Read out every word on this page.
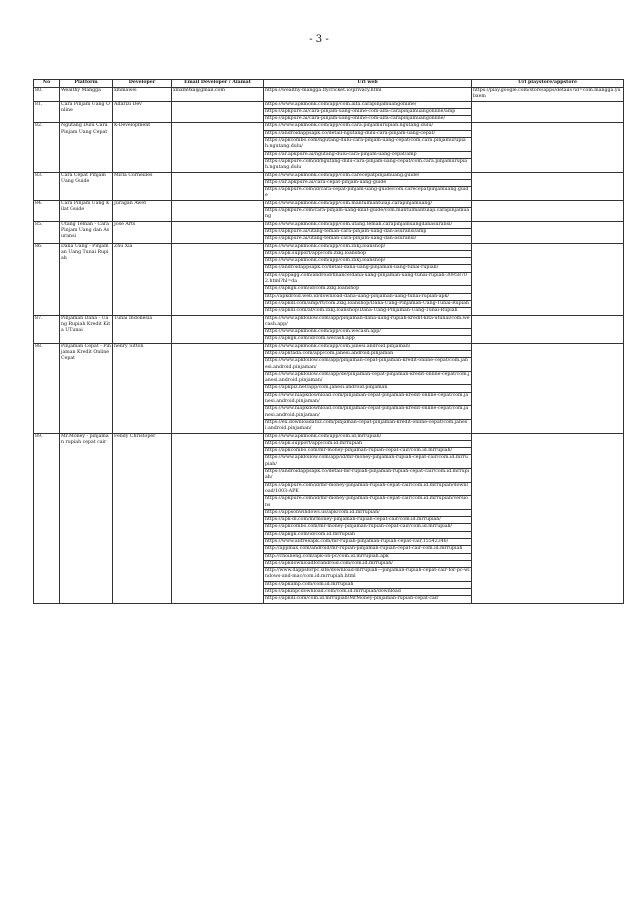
- 3 -
No	Platform	Developer	Email Developer / Alamat	Url web	Url playstore/appstore
80.	Wealthy Mangga	xmmawei	xmxm9xa@gmail.com	https://wealthy-mangga.flycricket.io/privacy.html	https://play.google.com/store/apps/details?id=com.mangga.yubxem
81.	Cara Pinjam Uang Online	Alfarizi Dev		https://www.apkmonk.com/app/com.alfa.carapinjamuangonline/	
				https://apkpure.ai/cara-pinjam-uang-online-com-alfa-carapinjamuangonline/amp	
				https://apkpure.ai/cara-pinjam-uang-online-com-alfa-carapinjamuangonline/	
82.	Ngutang Dulu Cara Pinjam Uang Cepat	K-Development		https://www.apkmonk.com/app/com.cara.pinjamurupiah.ngutang.dulu/	
				https://androidappsapk.co/detail-ngutang-dulu-cara-pinjam-uang-cepat/	
				https://apkcombo.com/ngutang-dulu-cara-pinjam-uang-cepat/com.cara.pinjamurupiah.ngutang.dulu/	
				https://ar.apkpure.ai/ngutang-dulu-cara-pinjam-uang-cepat/amp	
				https://apkpure.com/id/ngutang-dulu-cara-pinjam-uang-cepat/com.cara.pinjamurupiah.ngutang.dulu	
83.	Cara Cepat Pinjam Uang Guide	Mirla Corneilles		https://www.apkmonk.com/app/com.carecepatpinjamuang.guide/	
				https://ar.apkpure.ai/cara-cepat-pinjam-uang-guide	
				https://apkpure.com/id/cara-cepat-pinjam-uang-guide/com.carecepatpinjamuang.guide	
84.	Cara Pinjam Uang Kilat Guide	Juragan Awet		https://www.apkmonk.com/app/com.mantulmantulaji.carapinjamuang/	
				https://apkpure.com/cara-pinjam-uang-kilat-guide/com.mantulmantulaji.carapinjamuang	
85.	Utang Teman - Cara Pinjam Uang dan Asuransi	Jose Arts		https://www.apkmonk.com/app/com.utang.teman.carapinjamuangdanasuransi/	
				https://apkpure.ai/utang-teman-cara-pinjam-uang-dan-asuransi/amp	
				https://apkpure.ai/utang-teman-cara-pinjam-uang-dan-asuransi/	
86.	Dana Uang - Pinjaman Uang Tunai Rupiah	Zhu Xia		https://www.apkmonk.com/app/com.zxkj.loanshop/	
				https://apk.support/app/com.zxkj.loanshop	
				https://www.apkmonk.com/app/com.zxkj.loanshop/	
				https://androidappsapk.co/detail-dana-uang-pinjaman-uang-tunai-rupiah/	
				https://appagg.com/android/finance/dana-uang-pinjaman-uang-tunai-rupiah-30958702.html?hl=da	
				https://apkgk.com/id/com.zxkj.loanshop	
				http://apkdroid.web.id/download-dana-uang-pinjaman-uang-tunai-rupiah-apk/	
				https://apkdl.com/amp/rt/com.zxkj.loanshop/Dana-Uang-Pinjaman-Uang-Tunai-Rupiah	
				https://apkdl.com/af/com.zxkj.loanshop/Dana-Uang-Pinjaman-Uang-Tunai-Rupiah	
87.	Pinjaman Dana - Uang Rupiah Kredit Kita UTunai	Tunai Indonesia		https://www.apkfollow.com/app/pinjaman-dana-uang-rupiah-kredit-kita-utunai/com.wecash.app/	
				https://www.apkmonk.com/app/com.wecash.app/	
				https://apkgk.com/id/com.wecash.app	
88.	Pinjaman Cepat - Pinjaman Kredit Online Cepat	henry Sitton		https://www.apkmonk.com/app/com.janesi.android.pinjaman/	
				https://apktada.com/app/com.janesi.android.pinjaman	
				https://www.apkfollow.com/app/pinjaman-cepat-pinjaman-kredit-online-cepat/com.janesi.android.pinjaman/	
				https://www.apkfollow.com/app/de/pinjaman-cepat-pinjaman-kredit-online-cepat/com.janesi.android.pinjaman/	
				https://apkplz.net/app/com.janesi.android.pinjaman	
				https://www.hiapkdownload.com/pinjaman-cepat-pinjaman-kredit-online-cepat/com.janesi.android.pinjaman/	
				https://www.hiapkdownload.com/pinjaman-cepat-pinjaman-kredit-online-cepat/com.janesi.android.pinjaman/	
				https://ex.downloadatoz.com/pinjaman-cepat-pinjaman-kredit-online-cepat/com.janesi.android.pinjaman/	
89.	Mr.Money - pinjaman rupiah cepat cair	Fendy Christoper		https://www.apkmonk.com/app/com.id.mrrupiah/	
				https://apk.support/app/com.id.mrrupiah	
				https://apkcombo.com/mr-money-pinjaman-rupiah-cepat-cair/com.id.mrrupiah/	
				https://www.apkfollow.com/app/id/mr-money-pinjaman-rupiah-cepat-cair/com.id.mrrupiah/	
				https://androidappsapk.co/detail-mr-rupiah-pinjaman-rupiah-cepat-cair/com.id.mrrupiah/	
				https://apkpure.com/id/mr-money-pinjaman-rupiah-cepat-cair/com.id.mrrupiah/download/1003-APK	
				https://apkpure.com/id/mr-money-pinjaman-rupiah-cepat-cair/com.id.mrrupiah/versions	
				https://appsonwindows.us/apk/com.id.mrrupiah/	
				https://apk-dl.com/mrmoney-pinjaman-rupiah-cepat-cair/com.id.mrrupiah/	
				https://apkcombo.com/mr-money-pinjaman-rupiah-cepat-cair/com.id.mrrupiah/	
				https://apkgk.com/id/com.id.mrrupiah	
				https://www.allfreeapk.com/mr-rupiah-pinjaman-rupiah-cepat-cair,15542346/	
				http://appmax.com/android/mr-rupiah-pinjaman-rupiah-cepat-cair-com.id.mrrupiah	
				http://choilieng.com/apk-on-pc/com.id.mrrupiah.apk	
				https://apkdownloadforandroid.com/com.id.mrrupiah/	
				http://www.dappsforpc.site/download-mrrupiah---pinjaman-rupiah-cepat-cair-for-pc-windows-and-mac/com.id.mrrupiah.html	
				https://apkamp.com/com.id.mrrupiah	
				https://apkinpcdownload.com/com.id.mrrupiah/download	
				https://apkdl.com/com.id.mrrupiah/MrMoney-pinjaman-rupiah-cepat-cair	
